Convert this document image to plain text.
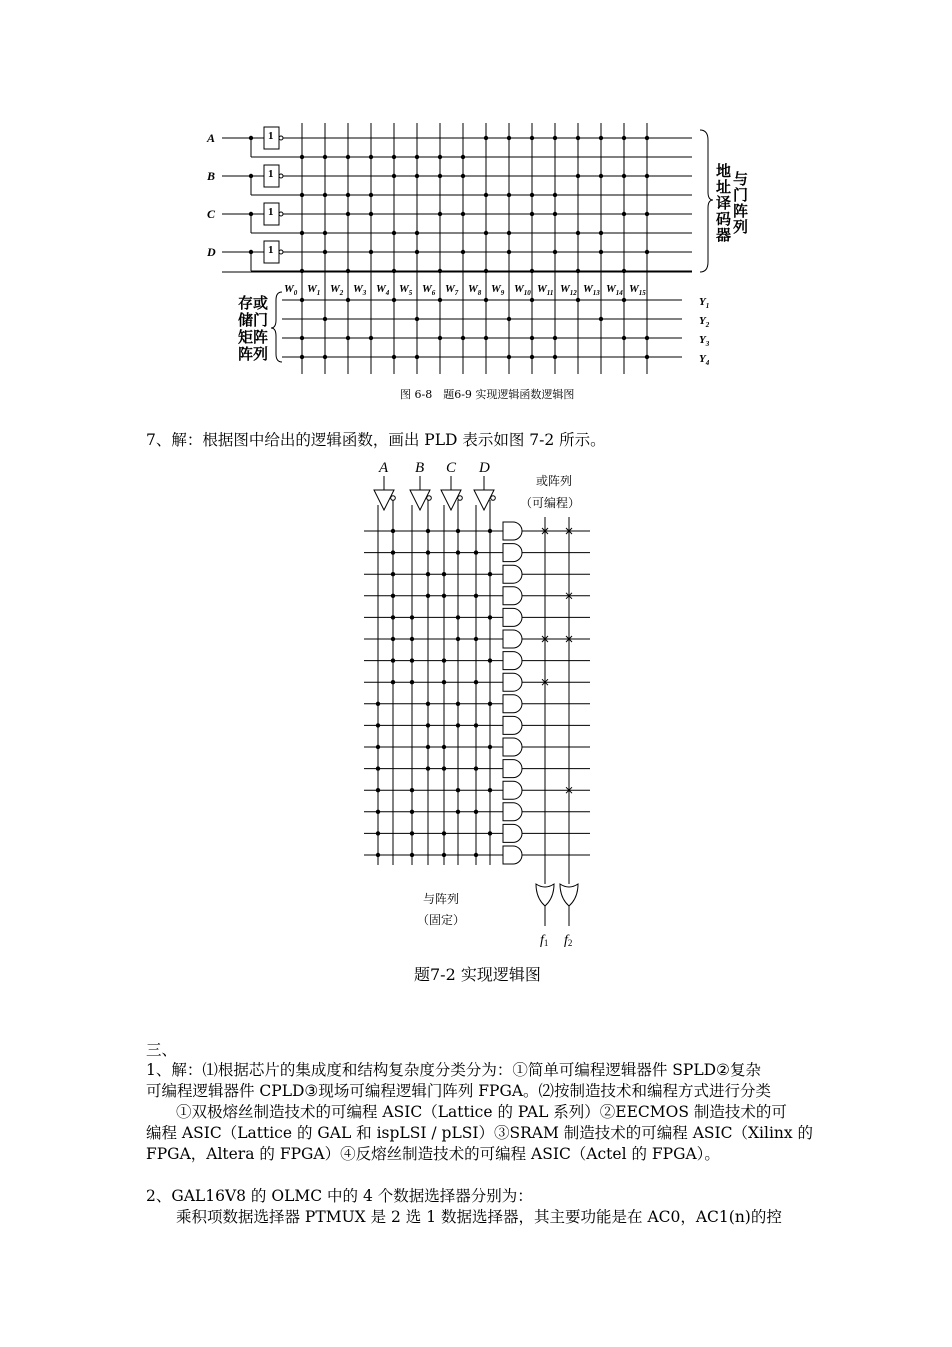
A	1
B	1
C	1
D	1
$W_0$ $W_1$ $W_2$ $W_3$ $W_4$ $W_5$ $W_6$ $W_7$ $W_8$ $W_9$ $W_{10}$ $W_{11}$ $W_{12}$ $W_{13}$ $W_{14}$ $W_{15}$
$Y_1$
$Y_2$
$Y_3$
$Y_4$
地址译码器
与门阵列
存储矩阵
或门阵列
图 6-8　题6-9 实现逻辑函数逻辑图
7、解：根据图中给出的逻辑函数，画出 PLD 表示如图 7-2 所示。
A B C D
f1 f2
或阵列
（可编程）
与阵列
（固定）
题7-2 实现逻辑图
三、
1、解：⑴根据芯片的集成度和结构复杂度分类分为：①简单可编程逻辑器件 SPLD②复杂
可编程逻辑器件 CPLD③现场可编程逻辑门阵列 FPGA。⑵按制造技术和编程方式进行分类
①双极熔丝制造技术的可编程 ASIC（Lattice 的 PAL 系列）②EECMOS 制造技术的可
编程 ASIC（Lattice 的 GAL 和 ispLSI / pLSI）③SRAM 制造技术的可编程 ASIC（Xilinx 的
FPGA，Altera 的 FPGA）④反熔丝制造技术的可编程 ASIC（Actel 的 FPGA）。
2、GAL16V8 的 OLMC 中的 4 个数据选择器分别为：
乘积项数据选择器 PTMUX 是 2 选 1 数据选择器，其主要功能是在 AC0，AC1(n)的控
